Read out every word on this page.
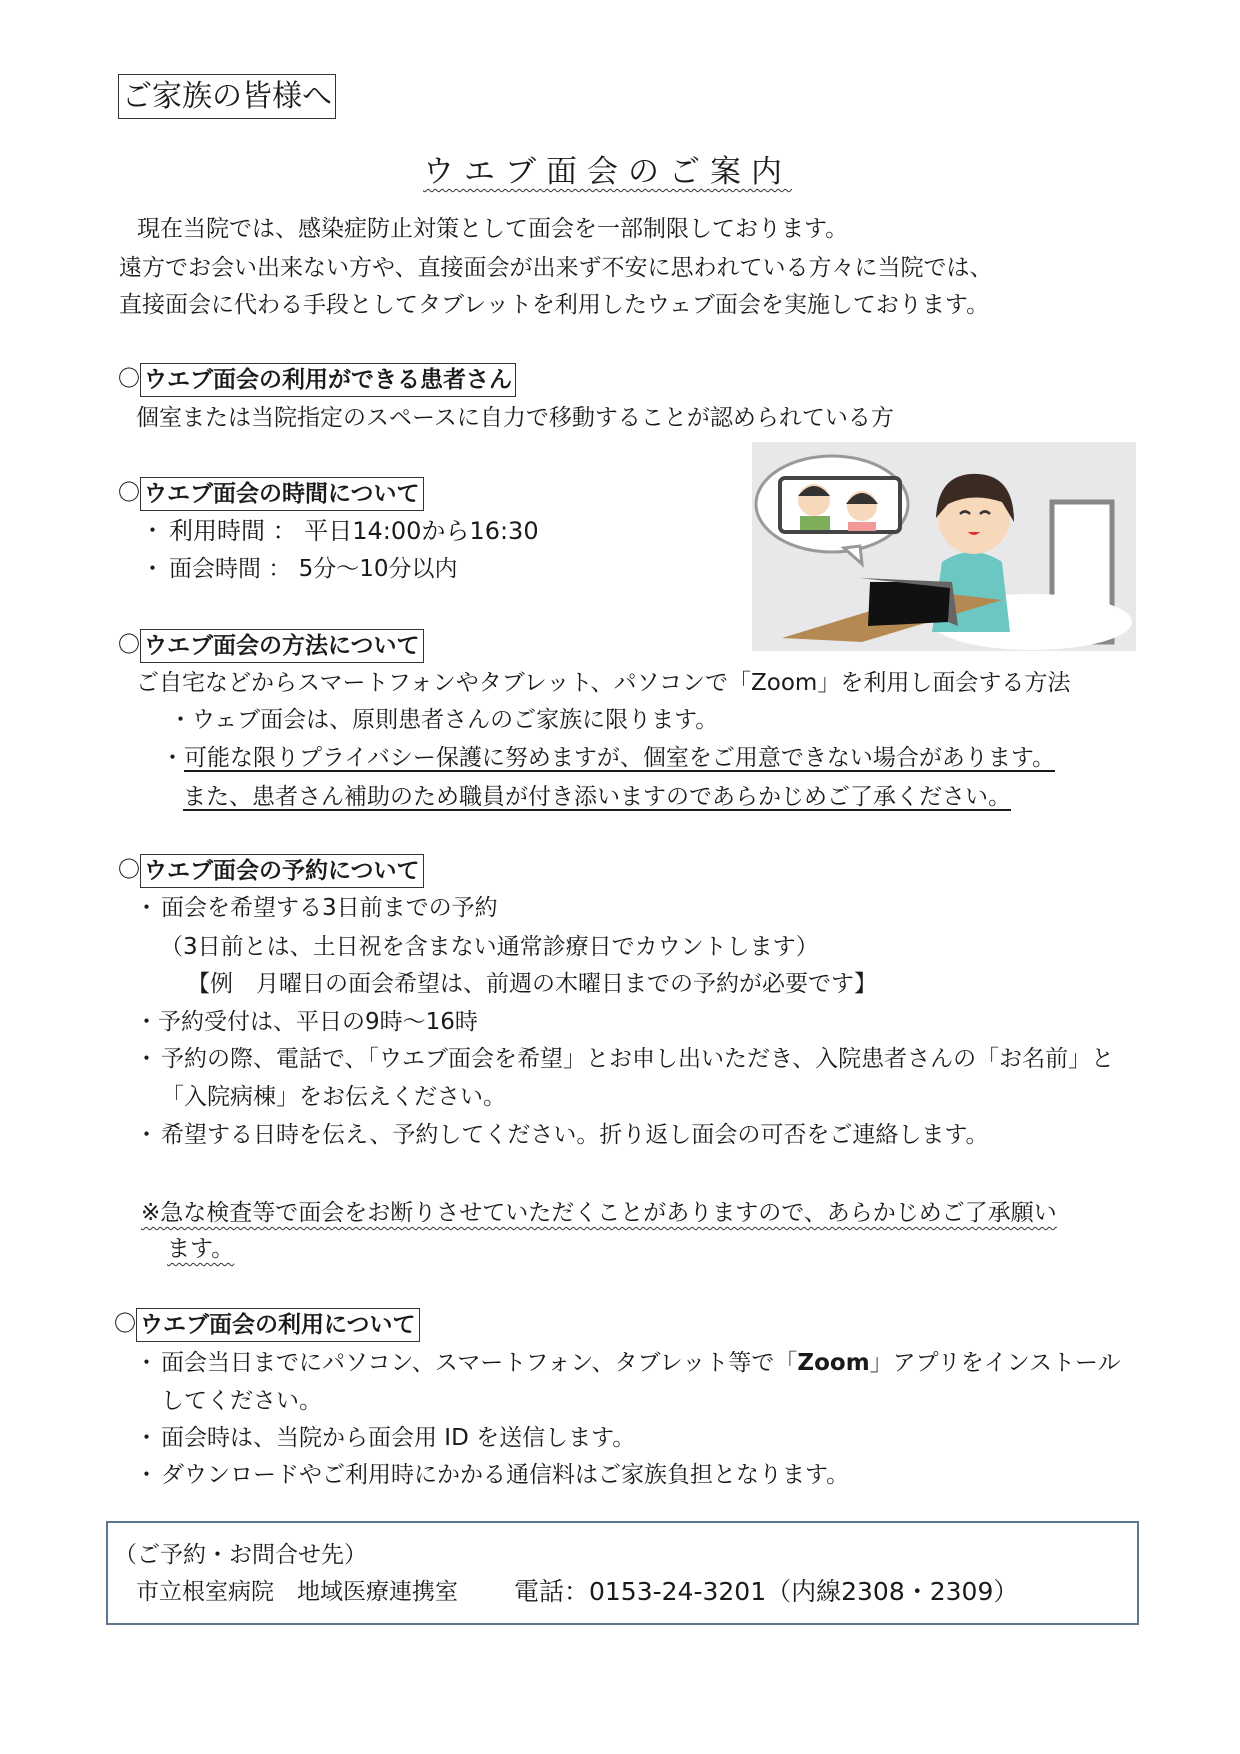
ご家族の皆様へ
ウエブ面会のご案内
現在当院では、感染症防止対策として面会を一部制限しております。
遠方でお会い出来ない方や、直接面会が出来ず不安に思われている方々に当院では、
直接面会に代わる手段としてタブレットを利用したウェブ面会を実施しております。
〇 ウエブ面会の利用ができる患者さん
個室または当院指定のスペースに自力で移動することが認められている方
〇 ウエブ面会の時間について
・ 利用時間 ： 平日14:00から16:30
・ 面会時間 ： 5分～10分以内
〇 ウエブ面会の方法について
ご自宅などからスマートフォンやタブレット、パソコンで「Zoom」を利用し面会する方法
・ウェブ面会は、原則患者さんのご家族に限ります。
・可能な限りプライバシー保護に努めますが、個室をご用意できない場合があります。
また、患者さん補助のため職員が付き添いますのであらかじめご了承ください。
〇 ウエブ面会の予約について
・ 面会を希望する3日前までの予約
（3日前とは、土日祝を含まない通常診療日でカウントします）
【例　月曜日の面会希望は、前週の木曜日までの予約が必要です】
・ 予約受付は、平日の9時～16時
・ 予約の際、電話で、「ウエブ面会を希望」とお申し出いただき、入院患者さんの「お名前」と
「入院病棟」をお伝えください。
・ 希望する日時を伝え、予約してください。折り返し面会の可否をご連絡します。
※急な検査等で面会をお断りさせていただくことがありますので、あらかじめご了承願い
ます。
〇 ウエブ面会の利用について
・ 面会当日までにパソコン、スマートフォン、タブレット等で「Zoom」アプリをインストール
してください。
・ 面会時は、当院から面会用 ID を送信します。
・ ダウンロードやご利用時にかかる通信料はご家族負担となります。
（ご予約・お問合せ先）
市立根室病院　地域医療連携室 電話：0153-24-3201（内線2308・2309）
